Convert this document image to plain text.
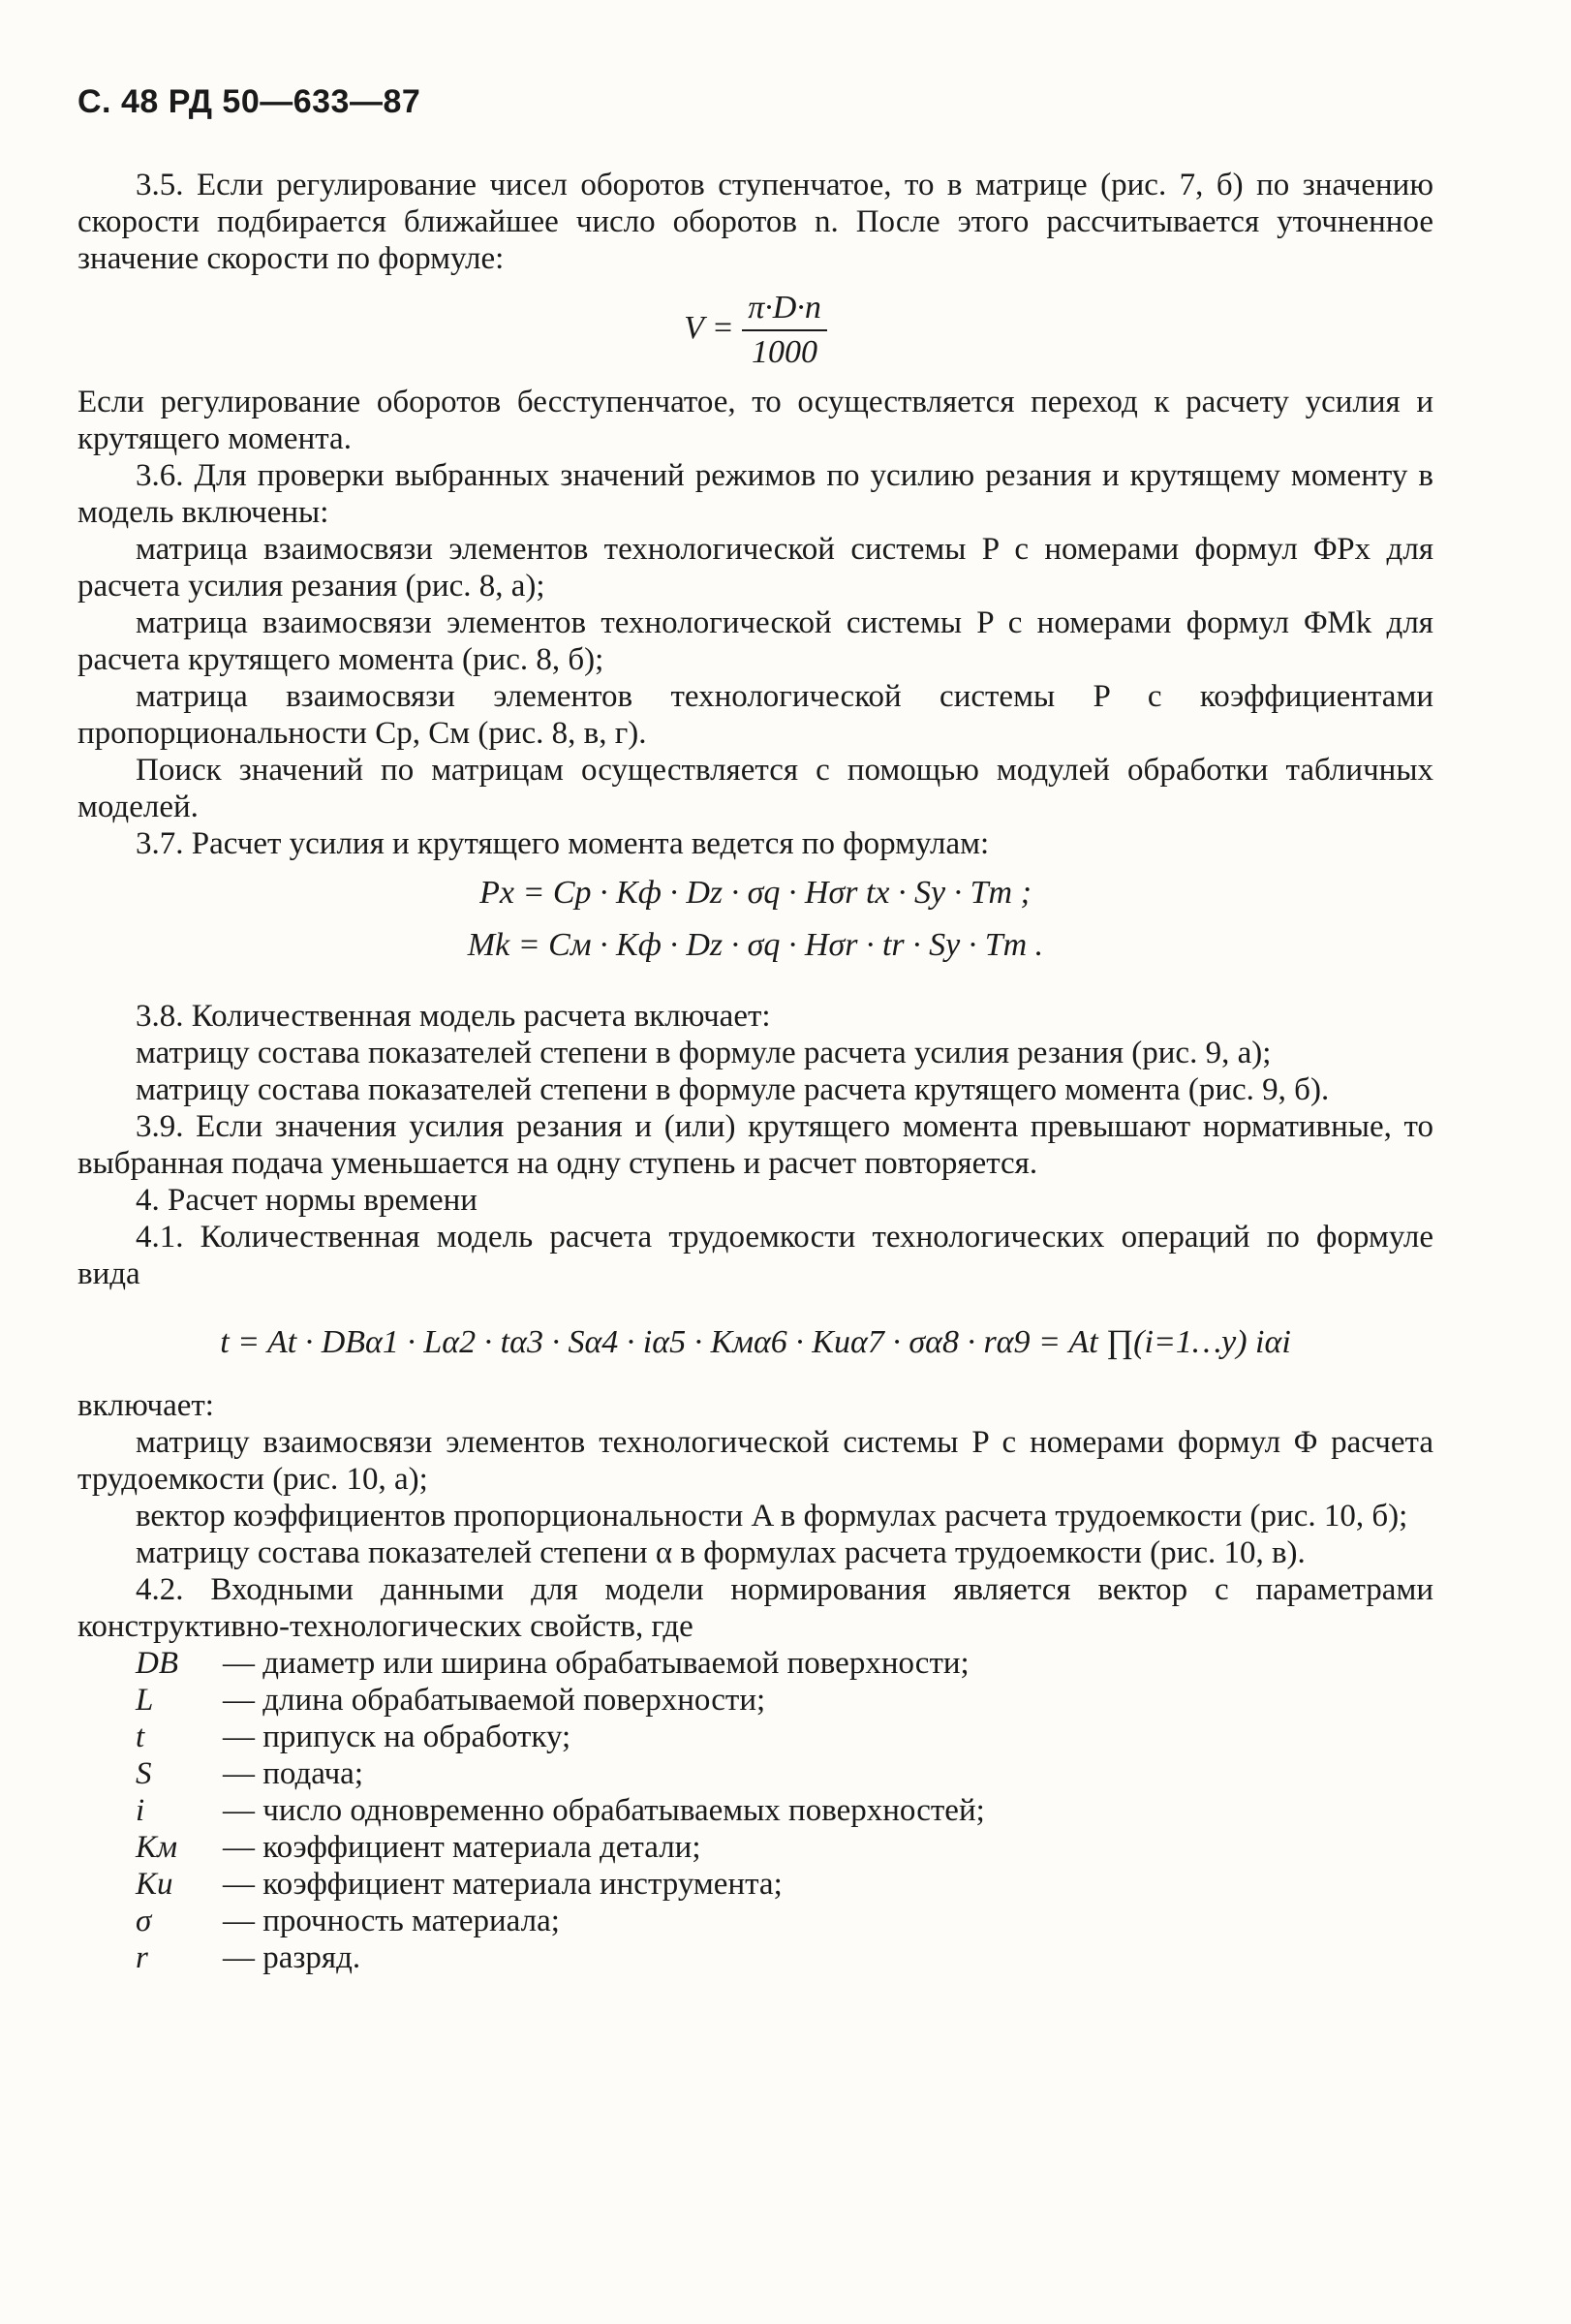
С. 48 РД 50—633—87

3.5. Если регулирование чисел оборотов ступенчатое, то в матрице (рис. 7, б) по значению скорости подбирается ближайшее число оборотов n. После этого рассчитывается уточненное значение скорости по формуле:

$V = \frac{\pi\cdot D\cdot n}{1000}$

Если регулирование оборотов бесступенчатое, то осуществляется переход к расчету усилия и крутящего момента.

3.6. Для проверки выбранных значений режимов по усилию резания и крутящему моменту в модель включены:

матрица взаимосвязи элементов технологической системы P с номерами формул ΦPx для расчета усилия резания (рис. 8, а);

матрица взаимосвязи элементов технологической системы P с номерами формул ΦMk для расчета крутящего момента (рис. 8, б);

матрица взаимосвязи элементов технологической системы P с коэффициентами пропорциональности Cр, Cм (рис. 8, в, г).

Поиск значений по матрицам осуществляется с помощью модулей обработки табличных моделей.

3.7. Расчет усилия и крутящего момента ведется по формулам:

Px = Cp · Kф · Dz · σq · Hσr tx · Sy · Tm ;
Mk = Cм · Kф · Dz · σq · Hσr · tr · Sy · Tm .

3.8. Количественная модель расчета включает:

матрицу состава показателей степени в формуле расчета усилия резания (рис. 9, а);

матрицу состава показателей степени в формуле расчета крутящего момента (рис. 9, б).

3.9. Если значения усилия резания и (или) крутящего момента превышают нормативные, то выбранная подача уменьшается на одну ступень и расчет повторяется.

4. Расчет нормы времени

4.1. Количественная модель расчета трудоемкости технологических операций по формуле вида

t = At · DBα1 · Lα2 · tα3 · Sα4 · iα5 · Kмα6 · Kиα7 · σα8 · rα9 = At ∏(i=1…y) iαi

включает:

матрицу взаимосвязи элементов технологической системы P с номерами формул Φ расчета трудоемкости (рис. 10, а);

вектор коэффициентов пропорциональности A в формулах расчета трудоемкости (рис. 10, б);

матрицу состава показателей степени α в формулах расчета трудоемкости (рис. 10, в).

4.2. Входными данными для модели нормирования является вектор с параметрами конструктивно-технологических свойств, где

DB	— диаметр или ширина обрабатываемой поверхности;
L	— длина обрабатываемой поверхности;
t	— припуск на обработку;
S	— подача;
i	— число одновременно обрабатываемых поверхностей;
Kм	— коэффициент материала детали;
Kи	— коэффициент материала инструмента;
σ	— прочность материала;
r	— разряд.
